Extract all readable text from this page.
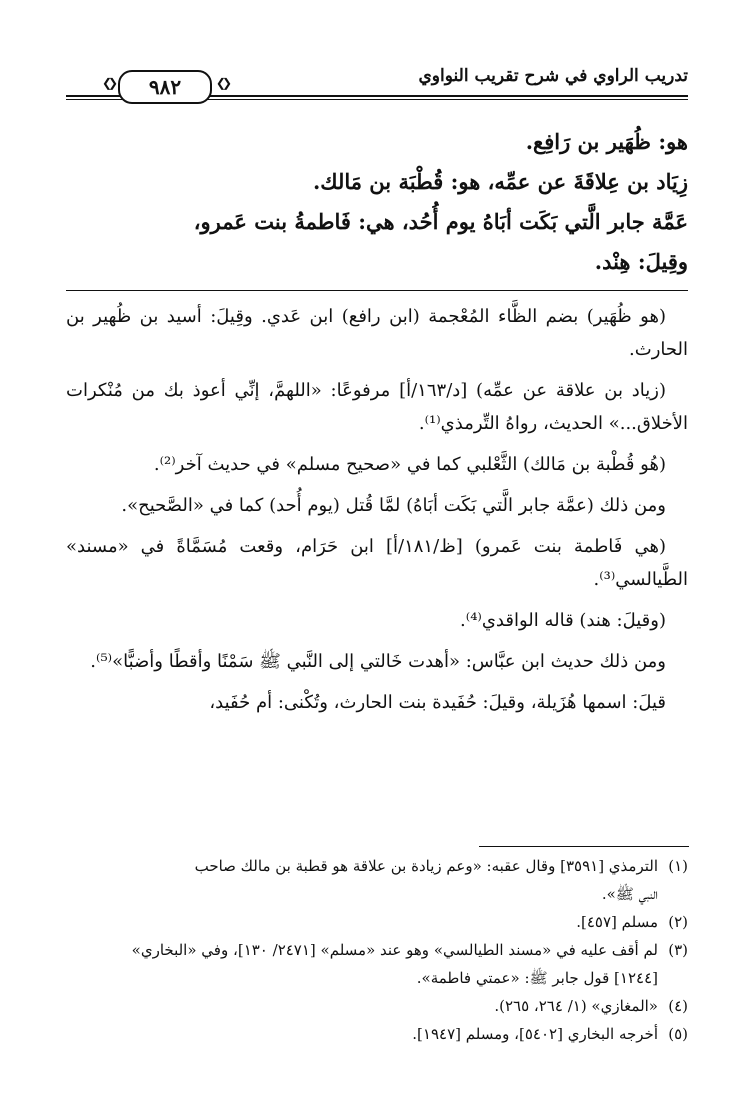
تدريب الراوي في شرح تقريب النواوي
❮❯ ٩٨٢
❮❯

هو: ظُهَير بن رَافِع.

زِيَاد بن عِلاقَةَ عن عمِّه، هو: قُطْبَة بن مَالك.

عَمَّة جابر الَّتي بَكَت أبَاهُ يوم أُحُد، هي: فَاطمةُ بنت عَمرو،

وقِيلَ: هِنْد.

(هو ظُهَير) بضم الظَّاء المُعْجمة (ابن رافع) ابن عَدي. وقِيلَ: أسيد بن ظُهير بن الحارث.

(زياد بن علاقة عن عمِّه) [د/١٦٣/أ] مرفوعًا: «اللهمَّ، إنِّي أعوذ بك من مُنْكرات الأخلاق...» الحديث، رواهُ التِّرمذي⁽¹⁾.

(هُو قُطْبة بن مَالك) الثَّعْلبي كما في «صحيح مسلم» في حديث آخر⁽²⁾.

ومن ذلك (عمَّة جابر الَّتي بَكَت أبَاهُ) لمَّا قُتل (يوم أُحد) كما في «الصَّحيح».

(هي فَاطمة بنت عَمرو) [ظ/١٨١/أ] ابن حَرَام، وقعت مُسَمَّاةً في «مسند» الطَّيالسي⁽³⁾.

(وقيلَ: هند) قاله الواقدي⁽⁴⁾.

ومن ذلك حديث ابن عبَّاس: «أهدت خَالتي إلى النَّبي ﷺ سَمْنًا وأقطًا وأضبًّا»⁽⁵⁾.

قيلَ: اسمها هُزَيلة، وقيلَ: حُفَيدة بنت الحارث، وتُكْنى: أم حُفَيد،

(١)الترمذي [٣٥٩١] وقال عقبه: «وعم زيادة بن علاقة هو قطبة بن مالك صاحب

النبي ﷺ».

(٢)مسلم [٤٥٧].

(٣)لم أقف عليه في «مسند الطيالسي» وهو عند «مسلم» [٢٤٧١/ ١٣٠]، وفي «البخاري»

[١٢٤٤] قول جابر ﷺ: «عمتي فاطمة».

(٤)«المغازي» (١/ ٢٦٤، ٢٦٥).

(٥)أخرجه البخاري [٥٤٠٢]، ومسلم [١٩٤٧].
